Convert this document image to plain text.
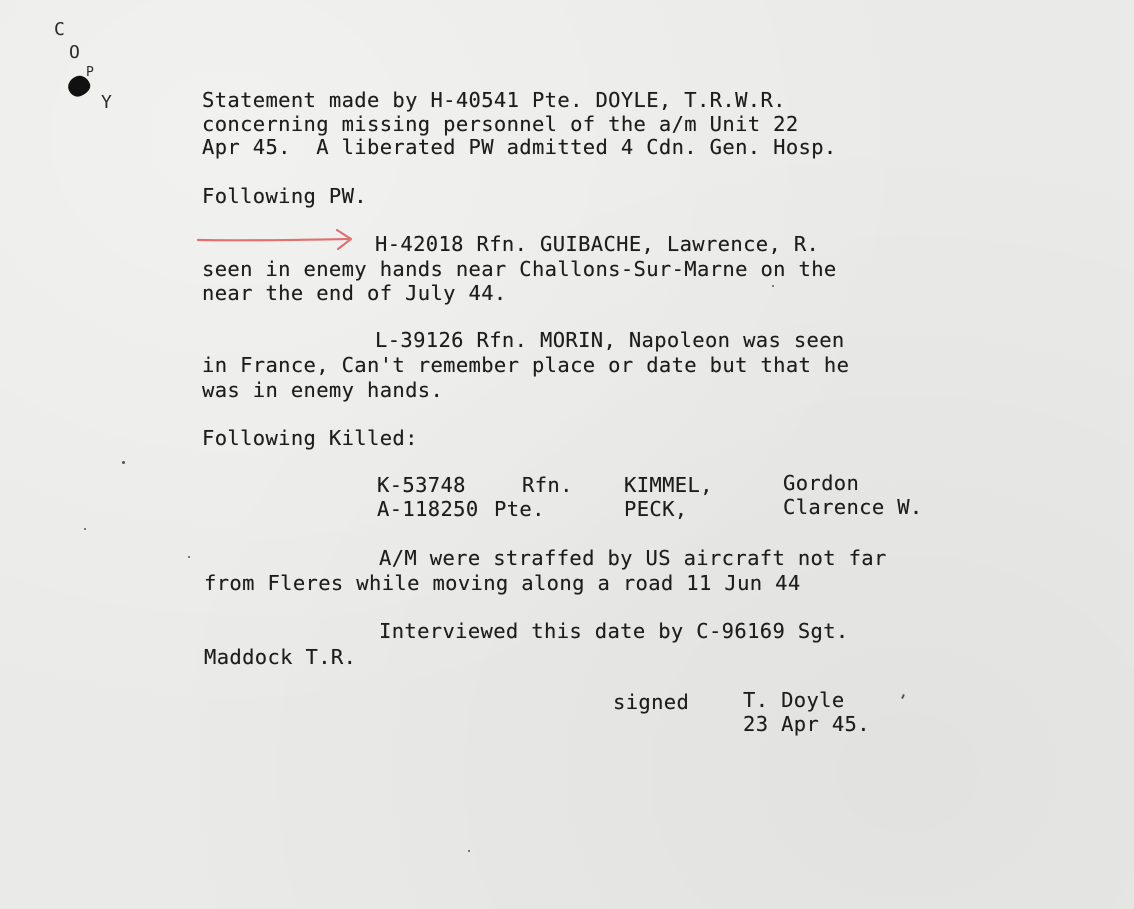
C
O
P
Y	Statement made by H-40541 Pte. DOYLE, T.R.W.R.
concerning missing personnel of the a/m Unit 22
Apr 45.  A liberated PW admitted 4 Cdn. Gen. Hosp.
Following PW.
H-42018 Rfn. GUIBACHE, Lawrence, R.
seen in enemy hands near Challons-Sur-Marne on the
near the end of July 44.
L-39126 Rfn. MORIN, Napoleon was seen
in France, Can't remember place or date but that he
was in enemy hands.
Following Killed:
K-53748	Rfn. KIMMEL,	Gordon
A-118250 Pte.	PECK,	Clarence W.
A/M were straffed by US aircraft not far
from Fleres while moving along a road 11 Jun 44
Interviewed this date by C-96169 Sgt.
Maddock T.R.
signed	T. Doyle
23 Apr 45.
